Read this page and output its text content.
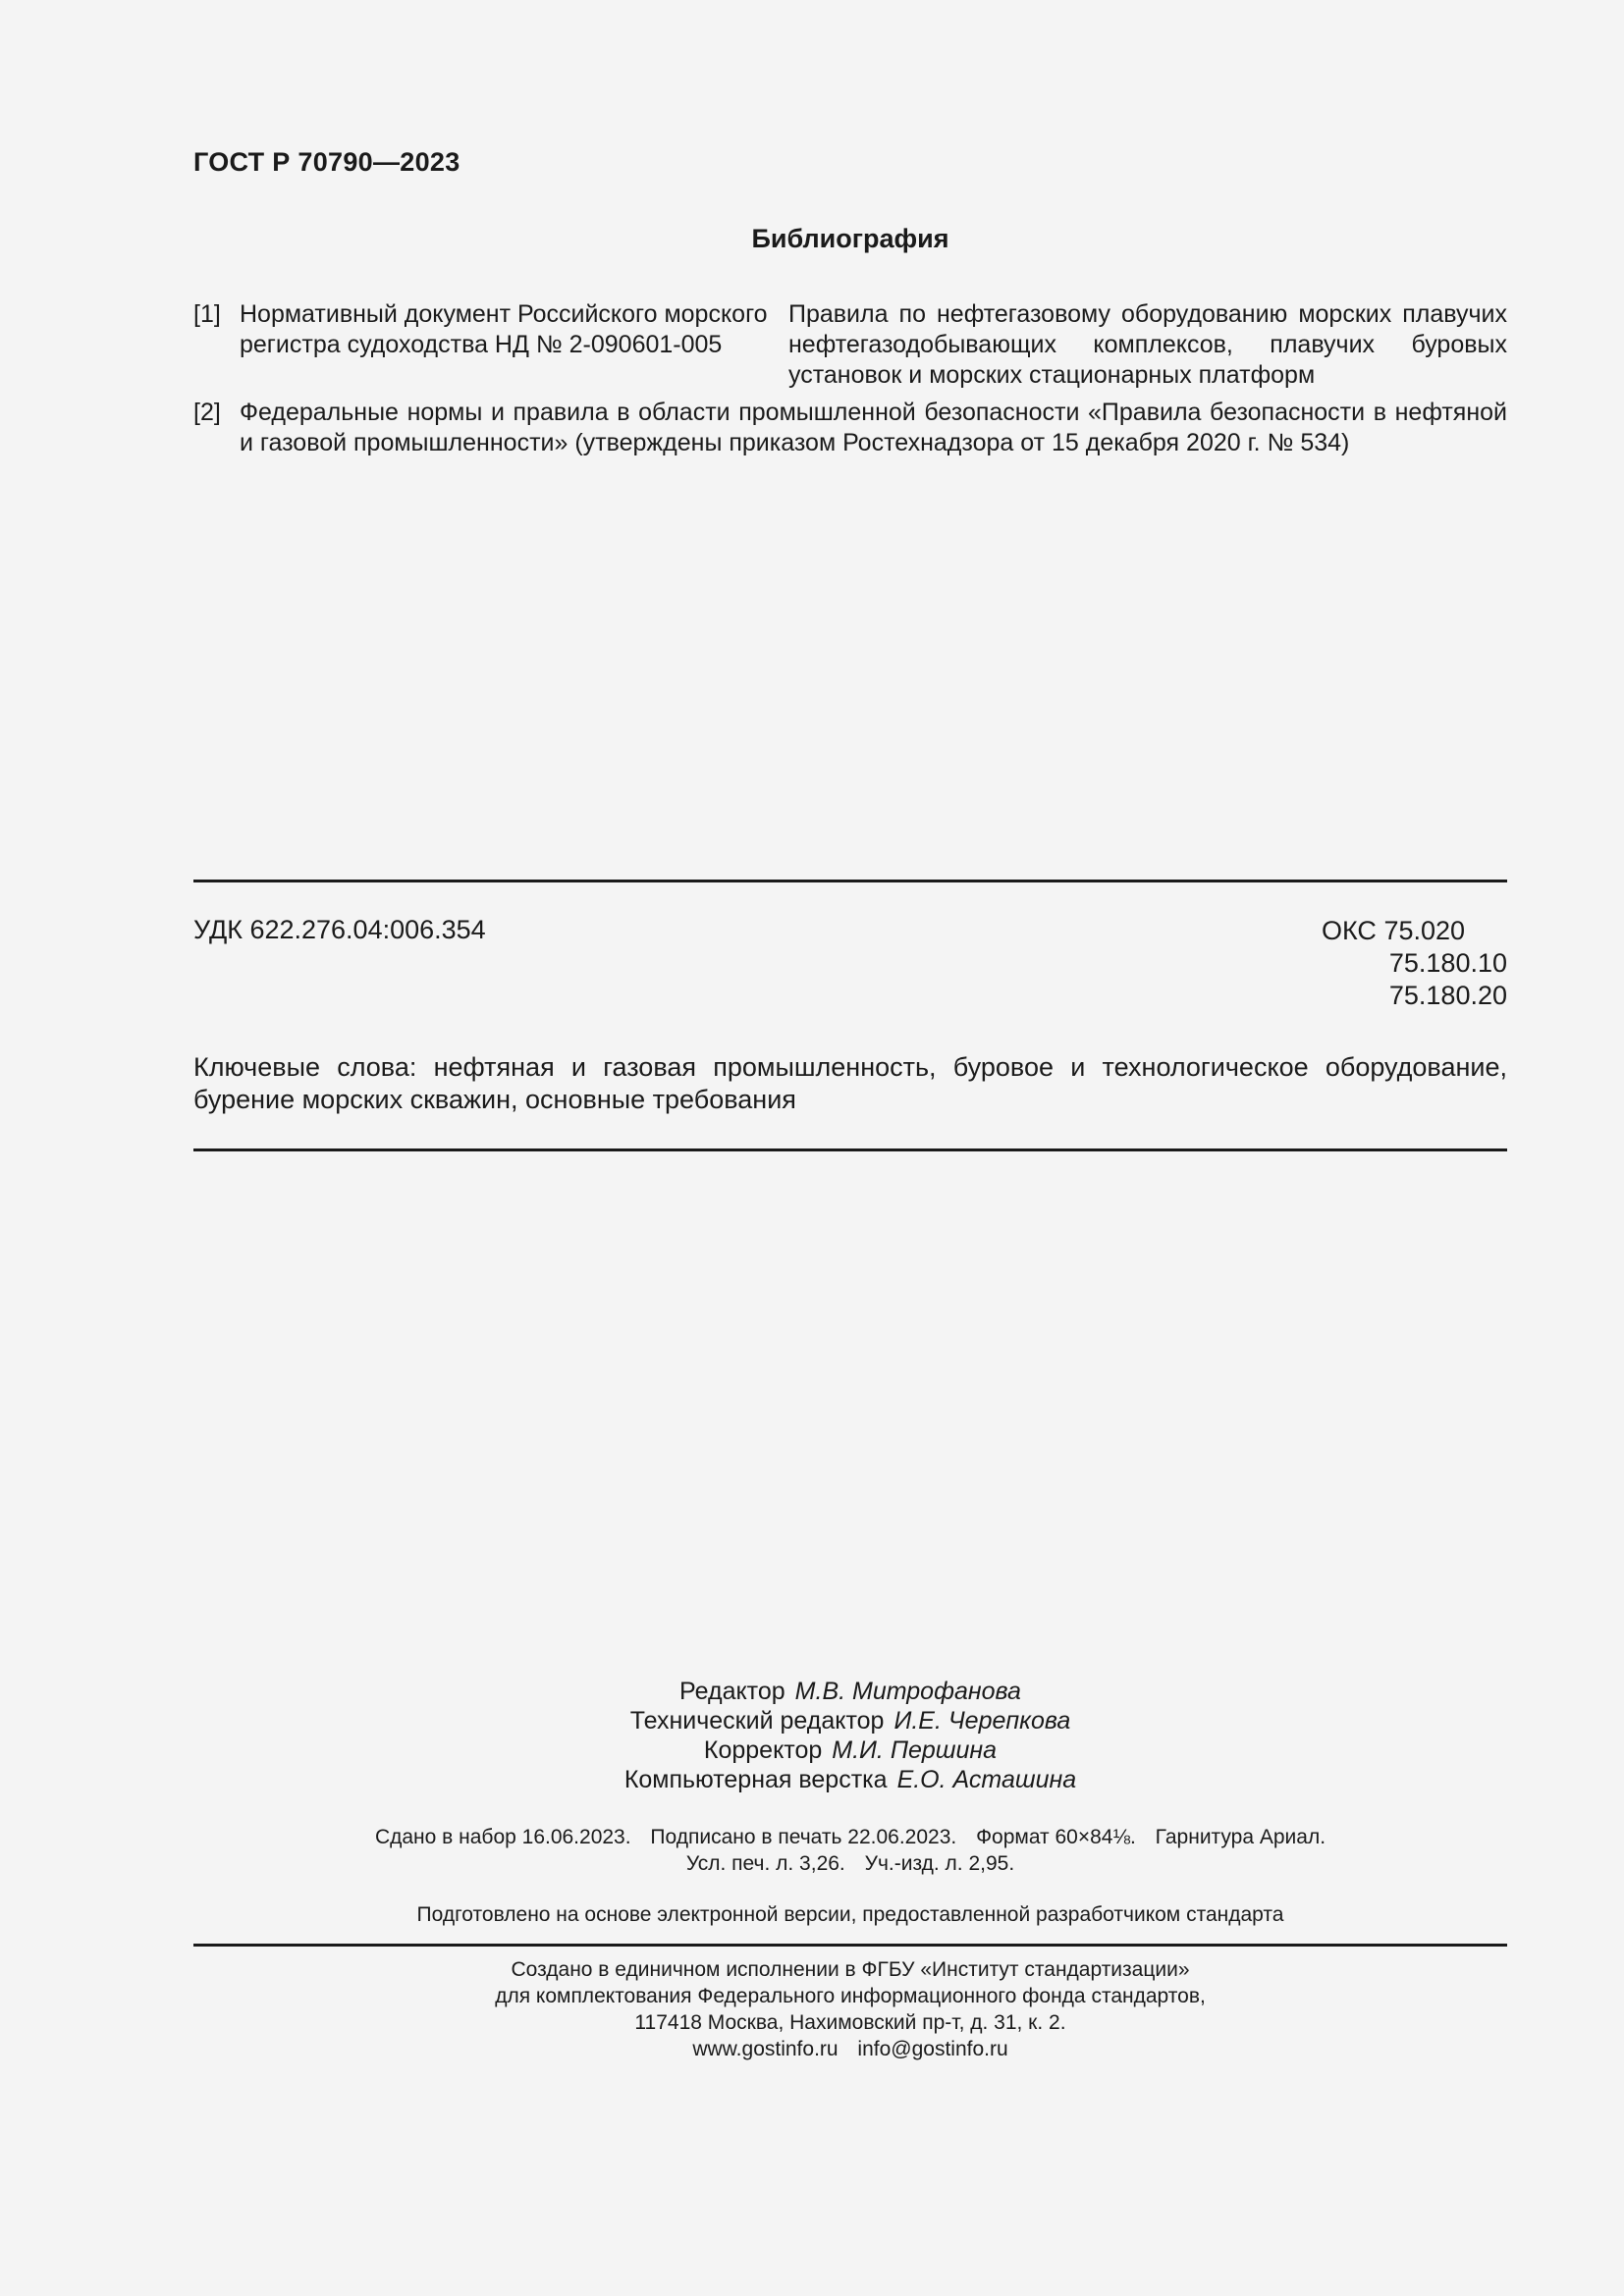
ГОСТ Р 70790—2023
Библиография
[1] Нормативный документ Российского морского регистра судоходства НД № 2-090601-005
Правила по нефтегазовому оборудованию морских плавучих нефтегазодобывающих комплексов, плавучих буровых установок и морских стационарных платформ
[2] Федеральные нормы и правила в области промышленной безопасности «Правила безопасности в нефтяной и газовой промышленности» (утверждены приказом Ростехнадзора от 15 декабря 2020 г. № 534)
УДК 622.276.04:006.354	ОКС 75.020
75.180.10
75.180.20
Ключевые слова: нефтяная и газовая промышленность, буровое и технологическое оборудование, бурение морских скважин, основные требования
Редактор М.В. Митрофанова
Технический редактор И.Е. Черепкова
Корректор М.И. Першина
Компьютерная верстка Е.О. Асташина
Сдано в набор 16.06.2023. Подписано в печать 22.06.2023. Формат 60×84⅛. Гарнитура Ариал.
Усл. печ. л. 3,26. Уч.-изд. л. 2,95.
Подготовлено на основе электронной версии, предоставленной разработчиком стандарта
Создано в единичном исполнении в ФГБУ «Институт стандартизации»
для комплектования Федерального информационного фонда стандартов,
117418 Москва, Нахимовский пр-т, д. 31, к. 2.
www.gostinfo.ru info@gostinfo.ru
